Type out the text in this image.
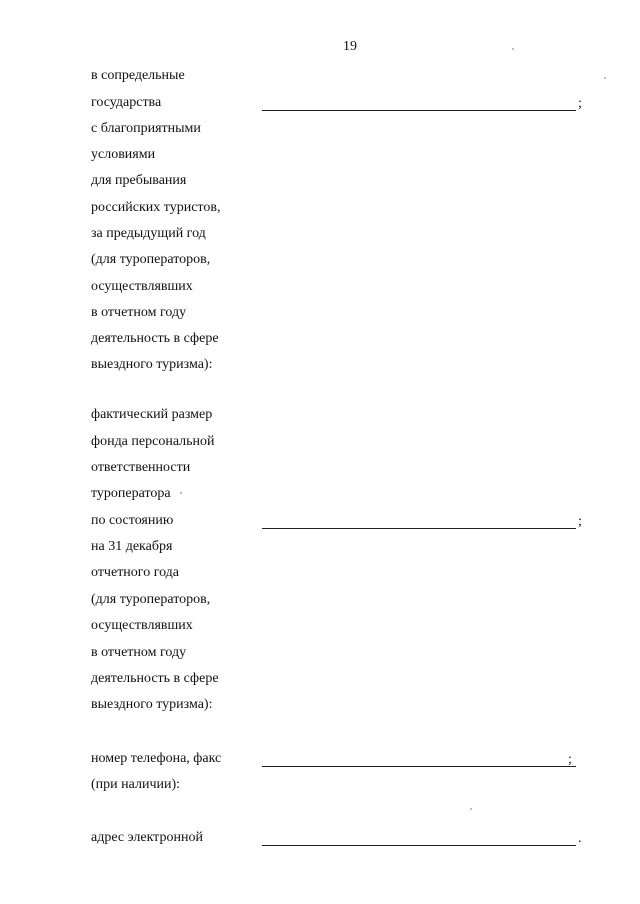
19
в сопредельные
государства
с благоприятными
условиями
для пребывания
российских туристов,
за предыдущий год
(для туроператоров,
осуществлявших
в отчетном году
деятельность в сфере
выездного туризма):
;
фактический размер
фонда персональной
ответственности
туроператора
по состоянию
на 31 декабря
отчетного года
(для туроператоров,
осуществлявших
в отчетном году
деятельность в сфере
выездного туризма):
;
номер телефона, факс
(при наличии):
;
адрес электронной	.
